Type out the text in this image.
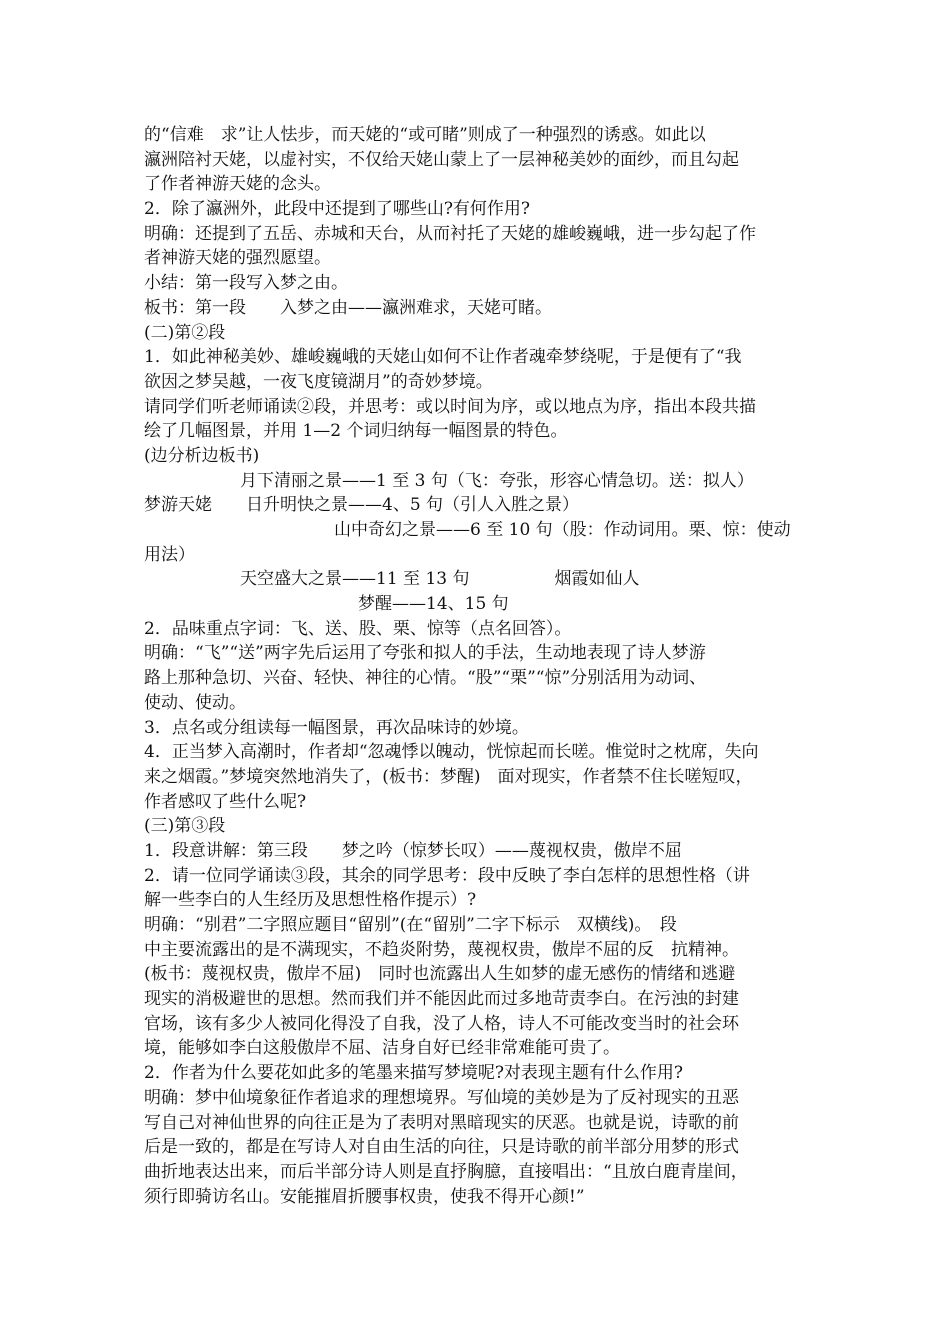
的“信难　求”让人怯步，而天姥的“或可睹”则成了一种强烈的诱惑。如此以
瀛洲陪衬天姥，以虚衬实，不仅给天姥山蒙上了一层神秘美妙的面纱，而且勾起
了作者神游天姥的念头。
2．除了瀛洲外，此段中还提到了哪些山?有何作用?
明确：还提到了五岳、赤城和天台，从而衬托了天姥的雄峻巍峨，进一步勾起了作
者神游天姥的强烈愿望。
小结：第一段写入梦之由。
板书：第一段　　入梦之由——瀛洲难求，天姥可睹。
(二)第②段
1．如此神秘美妙、雄峻巍峨的天姥山如何不让作者魂牵梦绕呢，于是便有了“我
欲因之梦吴越，一夜飞度镜湖月”的奇妙梦境。
请同学们听老师诵读②段，并思考：或以时间为序，或以地点为序，指出本段共描
绘了几幅图景，并用 1—2 个词归纳每一幅图景的特色。
(边分析边板书)
月下清丽之景——1 至 3 句（飞：夸张，形容心情急切。送：拟人）
梦游天姥　　日升明快之景——4、5 句（引人入胜之景）
山中奇幻之景——6 至 10 句（股：作动词用。栗、惊：使动
用法）
天空盛大之景——11 至 13 句　　　　　烟霞如仙人
梦醒——14、15 句
2．品味重点字词：飞、送、股、栗、惊等（点名回答）。
明确：“飞”“送”两字先后运用了夸张和拟人的手法，生动地表现了诗人梦游
路上那种急切、兴奋、轻快、神往的心情。“股”“栗”“惊”分别活用为动词、
使动、使动。
3．点名或分组读每一幅图景，再次品味诗的妙境。
4．正当梦入高潮时，作者却“忽魂悸以魄动，恍惊起而长嗟。惟觉时之枕席，失向
来之烟霞。”梦境突然地消失了，(板书：梦醒)　面对现实，作者禁不住长嗟短叹，
作者感叹了些什么呢?
(三)第③段
1．段意讲解：第三段　　梦之吟（惊梦长叹）——蔑视权贵，傲岸不屈
2．请一位同学诵读③段，其余的同学思考：段中反映了李白怎样的思想性格（讲
解一些李白的人生经历及思想性格作提示）?
明确：“别君”二字照应题目“留别”(在“留别”二字下标示　双横线)。　段
中主要流露出的是不满现实，不趋炎附势，蔑视权贵，傲岸不屈的反　抗精神。
(板书：蔑视权贵，傲岸不屈)　同时也流露出人生如梦的虚无感伤的情绪和逃避
现实的消极避世的思想。然而我们并不能因此而过多地苛责李白。在污浊的封建
官场，该有多少人被同化得没了自我，没了人格，诗人不可能改变当时的社会环
境，能够如李白这般傲岸不屈、洁身自好已经非常难能可贵了。
2．作者为什么要花如此多的笔墨来描写梦境呢?对表现主题有什么作用?
明确：梦中仙境象征作者追求的理想境界。写仙境的美妙是为了反衬现实的丑恶
写自己对神仙世界的向往正是为了表明对黑暗现实的厌恶。也就是说，诗歌的前
后是一致的，都是在写诗人对自由生活的向往，只是诗歌的前半部分用梦的形式
曲折地表达出来，而后半部分诗人则是直抒胸臆，直接唱出：“且放白鹿青崖间，
须行即骑访名山。安能摧眉折腰事权贵，使我不得开心颜!”
